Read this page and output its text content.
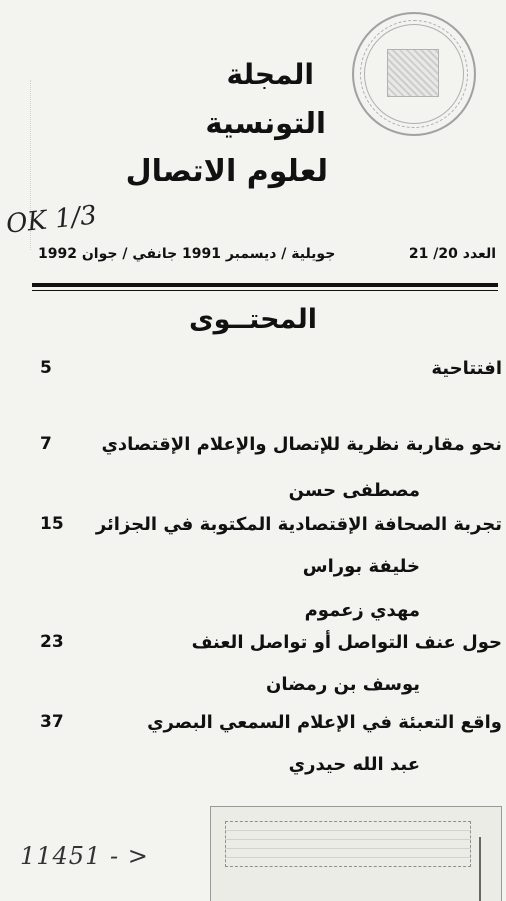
المجلة
التونسية
لعلوم الاتصال
OK 1/3
العدد 20/ 21
جويلية / ديسمبر 1991 جانفي / جوان 1992
المحتــوى
افتتاحية
5
نحو مقاربة نظرية للإتصال والإعلام الإقتصادي
7
مصطفى حسن
تجربة الصحافة الإقتصادية المكتوبة في الجزائر
15
خليفة بوراس
مهدي زعموم
حول عنف التواصل أو تواصل العنف
23
يوسف بن رمضان
واقع التعبئة في الإعلام السمعي البصري
37
عبد الله حيدري
11451 - >
